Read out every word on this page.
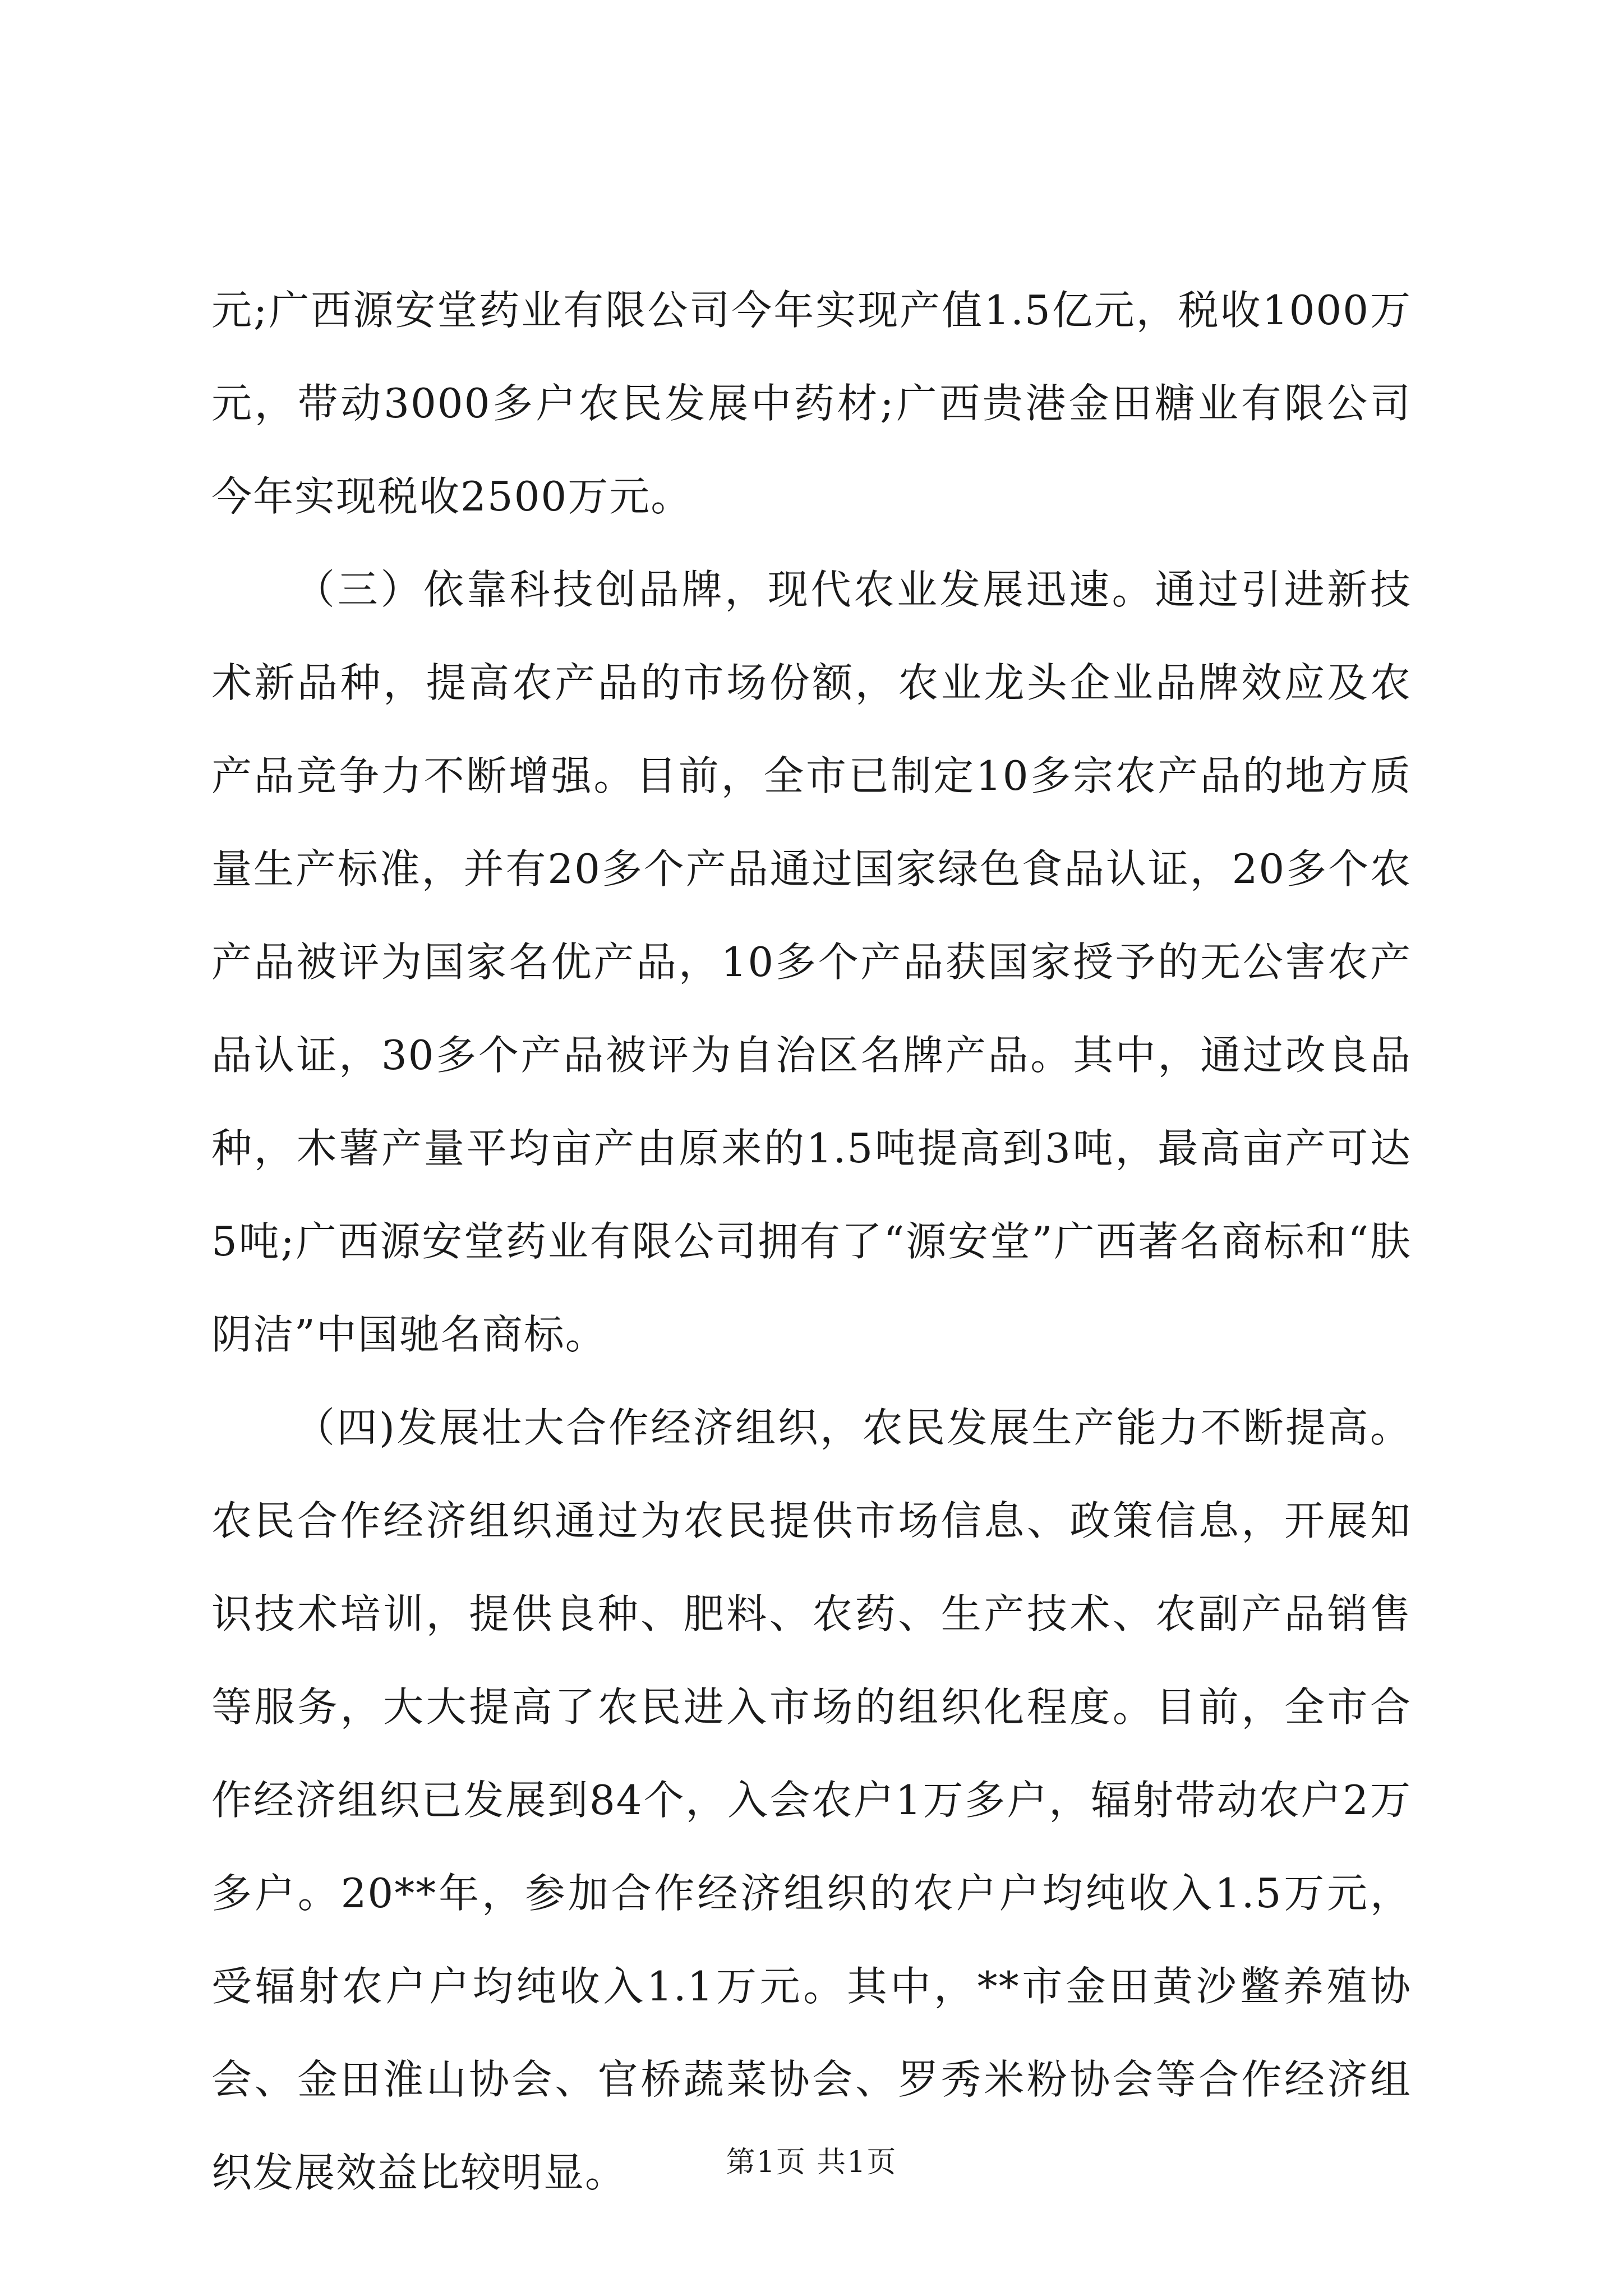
元;广西源安堂药业有限公司今年实现产值1.5亿元，税收1000万元，带动3000多户农民发展中药材;广西贵港金田糖业有限公司今年实现税收2500万元。

（三）依靠科技创品牌，现代农业发展迅速。通过引进新技术新品种，提高农产品的市场份额，农业龙头企业品牌效应及农产品竞争力不断增强。目前，全市已制定10多宗农产品的地方质量生产标准，并有20多个产品通过国家绿色食品认证，20多个农产品被评为国家名优产品，10多个产品获国家授予的无公害农产品认证，30多个产品被评为自治区名牌产品。其中，通过改良品种，木薯产量平均亩产由原来的1.5吨提高到3吨，最高亩产可达5吨;广西源安堂药业有限公司拥有了“源安堂”广西著名商标和“肤阴洁”中国驰名商标。

（四)发展壮大合作经济组织，农民发展生产能力不断提高。农民合作经济组织通过为农民提供市场信息、政策信息，开展知识技术培训，提供良种、肥料、农药、生产技术、农副产品销售等服务，大大提高了农民进入市场的组织化程度。目前，全市合作经济组织已发展到84个，入会农户1万多户，辐射带动农户2万多户。20**年，参加合作经济组织的农户户均纯收入1.5万元，受辐射农户户均纯收入1.1万元。其中，**市金田黄沙鳖养殖协会、金田淮山协会、官桥蔬菜协会、罗秀米粉协会等合作经济组织发展效益比较明显。	第1页 共1页
